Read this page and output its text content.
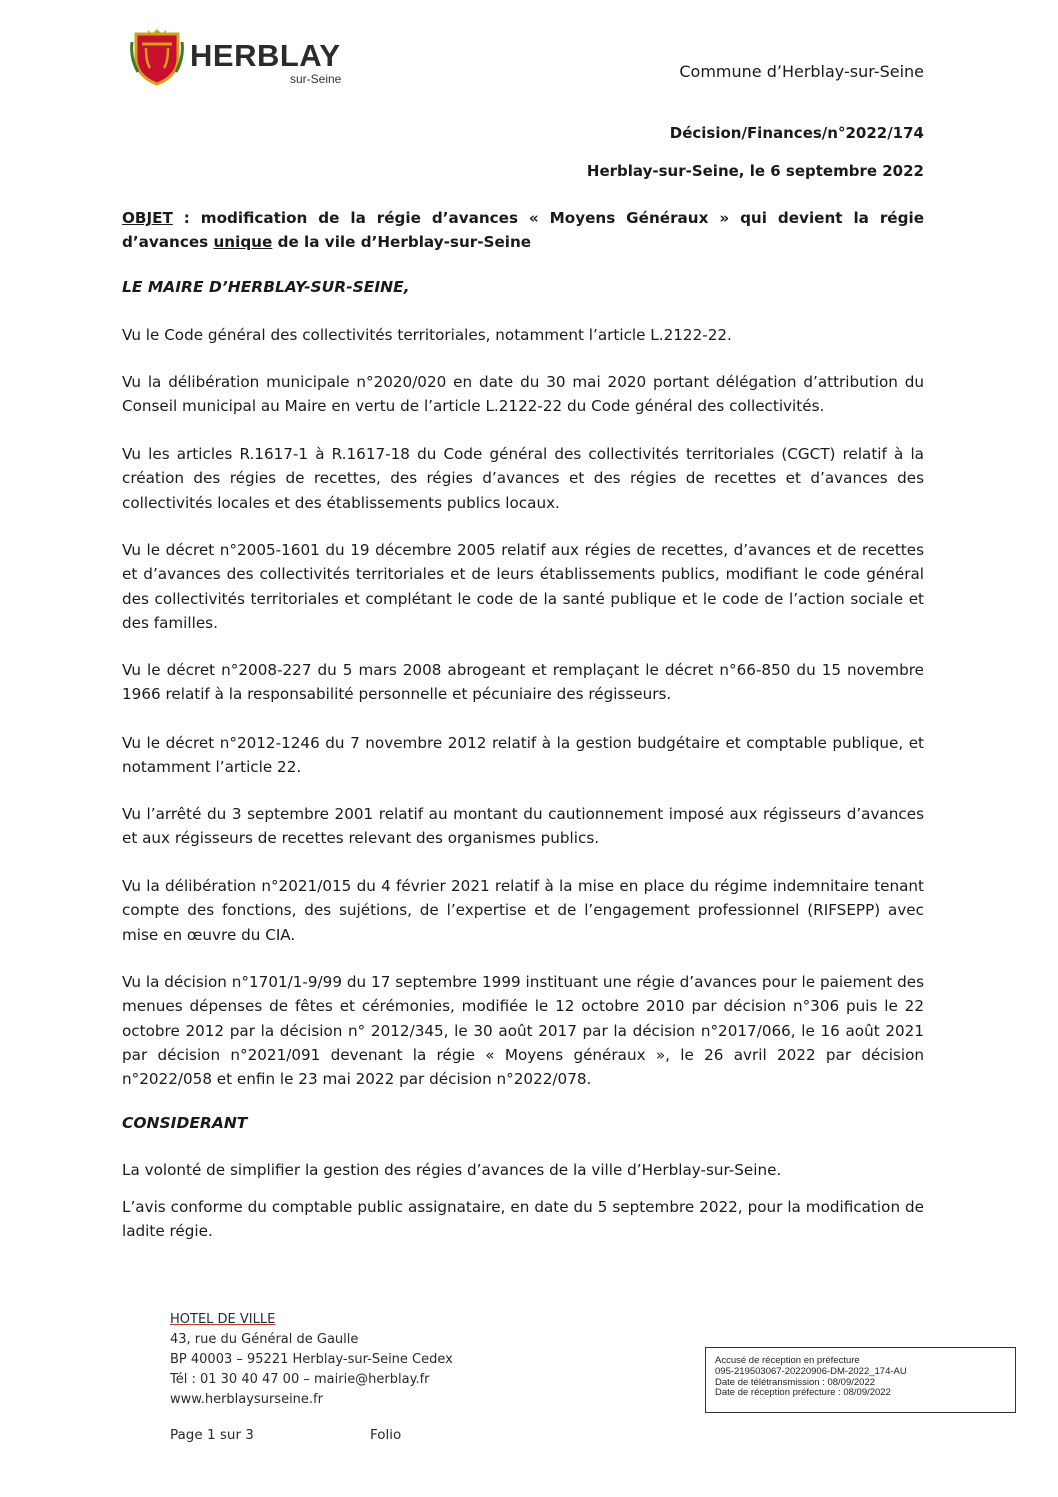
HERBLAY
sur-Seine	Commune d’Herblay-sur-Seine
Décision/Finances/n°2022/174
Herblay-sur-Seine, le 6 septembre 2022
OBJET : modification de la régie d’avances « Moyens Généraux » qui devient la régie d’avances unique de la vile d’Herblay-sur-Seine
LE MAIRE D’HERBLAY-SUR-SEINE,

Vu le Code général des collectivités territoriales, notamment l’article L.2122-22.

Vu la délibération municipale n°2020/020 en date du 30 mai 2020 portant délégation d’attribution du Conseil municipal au Maire en vertu de l’article L.2122-22 du Code général des collectivités.

Vu les articles R.1617-1 à R.1617-18 du Code général des collectivités territoriales (CGCT) relatif à la création des régies de recettes, des régies d’avances et des régies de recettes et d’avances des collectivités locales et des établissements publics locaux.

Vu le décret n°2005-1601 du 19 décembre 2005 relatif aux régies de recettes, d’avances et de recettes et d’avances des collectivités territoriales et de leurs établissements publics, modifiant le code général des collectivités territoriales et complétant le code de la santé publique et le code de l’action sociale et des familles.

Vu le décret n°2008-227 du 5 mars 2008 abrogeant et remplaçant le décret n°66-850 du 15 novembre 1966 relatif à la responsabilité personnelle et pécuniaire des régisseurs.

Vu le décret n°2012-1246 du 7 novembre 2012 relatif à la gestion budgétaire et comptable publique, et notamment l’article 22.

Vu l’arrêté du 3 septembre 2001 relatif au montant du cautionnement imposé aux régisseurs d’avances et aux régisseurs de recettes relevant des organismes publics.

Vu la délibération n°2021/015 du 4 février 2021 relatif à la mise en place du régime indemnitaire tenant compte des fonctions, des sujétions, de l’expertise et de l’engagement professionnel (RIFSEPP) avec mise en œuvre du CIA.

Vu la décision n°1701/1-9/99 du 17 septembre 1999 instituant une régie d’avances pour le paiement des menues dépenses de fêtes et cérémonies, modifiée le 12 octobre 2010 par décision n°306 puis le 22 octobre 2012 par la décision n° 2012/345, le 30 août 2017 par la décision n°2017/066, le 16 août 2021 par décision n°2021/091 devenant la régie « Moyens généraux », le 26 avril 2022 par décision n°2022/058 et enfin le 23 mai 2022 par décision n°2022/078.

CONSIDERANT

La volonté de simplifier la gestion des régies d’avances de la ville d’Herblay-sur-Seine.

L’avis conforme du comptable public assignataire, en date du 5 septembre 2022, pour la modification de ladite régie.

HOTEL DE VILLE
43, rue du Général de Gaulle
BP 40003 – 95221 Herblay-sur-Seine Cedex
Tél : 01 30 40 47 00 – mairie@herblay.fr
www.herblaysurseine.fr
Page 1 sur 3	Folio
Accusé de réception en préfecture
095-219503067-20220906-DM-2022_174-AU
Date de télétransmission : 08/09/2022
Date de réception préfecture : 08/09/2022
